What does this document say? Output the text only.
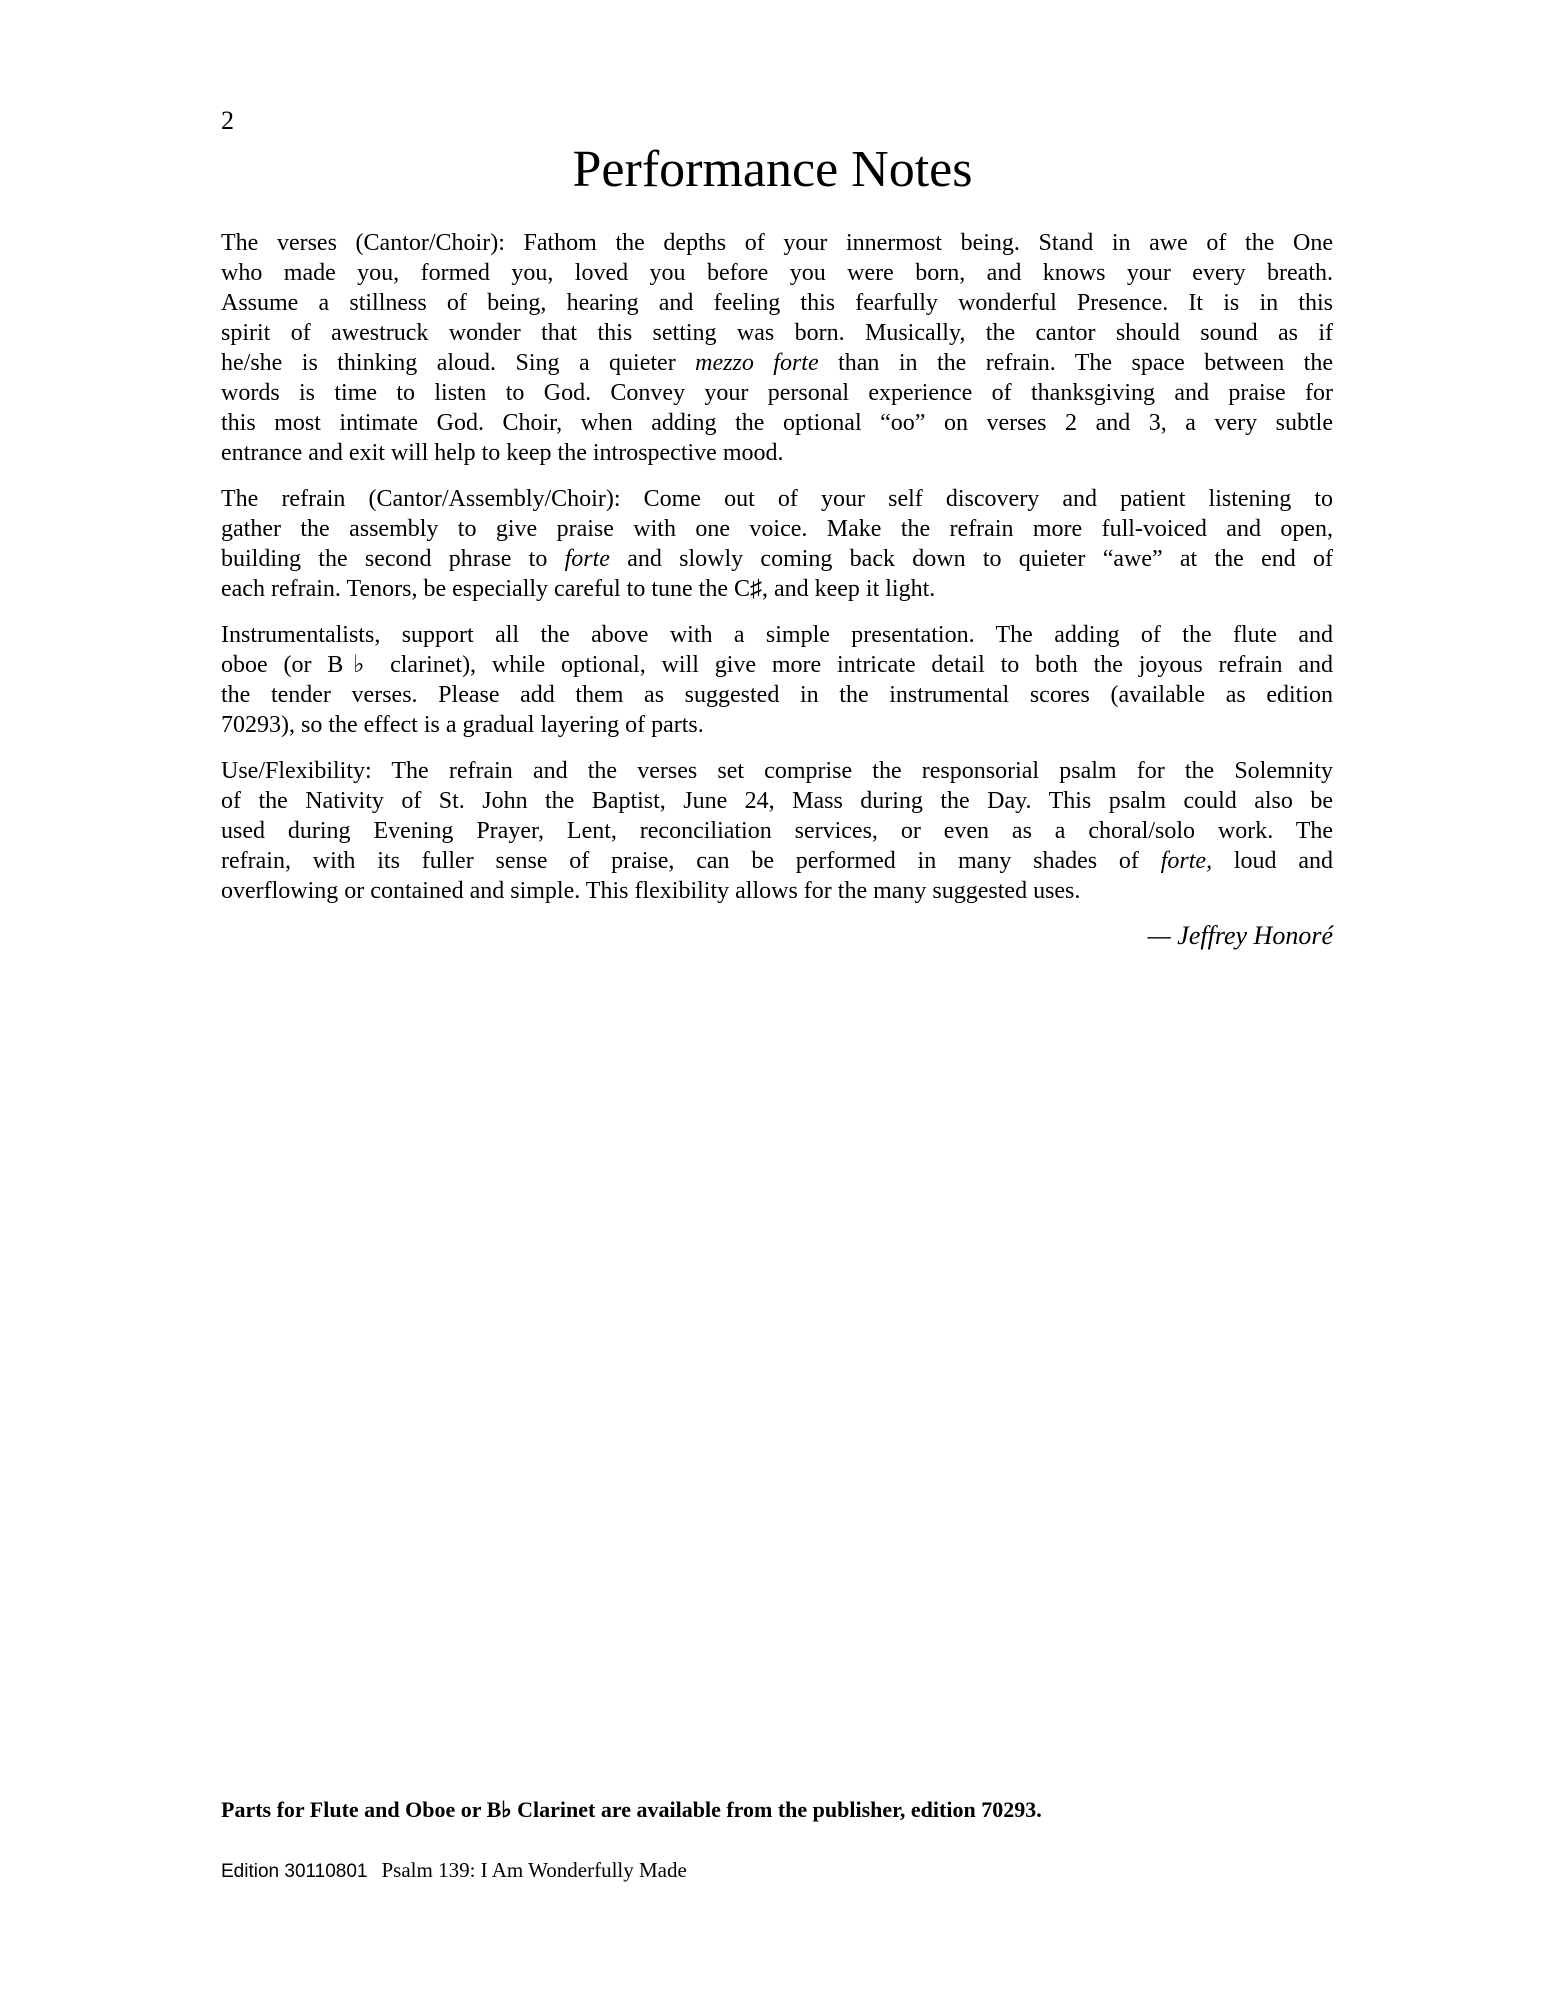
2
Performance Notes
The verses (Cantor/Choir): Fathom the depths of your innermost being. Stand in awe of the One
who made you, formed you, loved you before you were born, and knows your every breath.
Assume a stillness of being, hearing and feeling this fearfully wonderful Presence. It is in this
spirit of awestruck wonder that this setting was born. Musically, the cantor should sound as if
he/she is thinking aloud. Sing a quieter mezzo forte than in the refrain. The space between the
words is time to listen to God. Convey your personal experience of thanksgiving and praise for
this most intimate God. Choir, when adding the optional “oo” on verses 2 and 3, a very subtle
entrance and exit will help to keep the introspective mood.
The refrain (Cantor/Assembly/Choir): Come out of your self discovery and patient listening to
gather the assembly to give praise with one voice. Make the refrain more full-voiced and open,
building the second phrase to forte and slowly coming back down to quieter “awe” at the end of
each refrain. Tenors, be especially careful to tune the C♯, and keep it light.
Instrumentalists, support all the above with a simple presentation. The adding of the flute and
oboe (or B♭ clarinet), while optional, will give more intricate detail to both the joyous refrain and
the tender verses. Please add them as suggested in the instrumental scores (available as edition
70293), so the effect is a gradual layering of parts.
Use/Flexibility: The refrain and the verses set comprise the responsorial psalm for the Solemnity
of the Nativity of St. John the Baptist, June 24, Mass during the Day. This psalm could also be
used during Evening Prayer, Lent, reconciliation services, or even as a choral/solo work. The
refrain, with its fuller sense of praise, can be performed in many shades of forte, loud and
overflowing or contained and simple. This flexibility allows for the many suggested uses.
— Jeffrey Honoré
Parts for Flute and Oboe or B♭ Clarinet are available from the publisher, edition 70293.
Edition 30110801 Psalm 139: I Am Wonderfully Made
